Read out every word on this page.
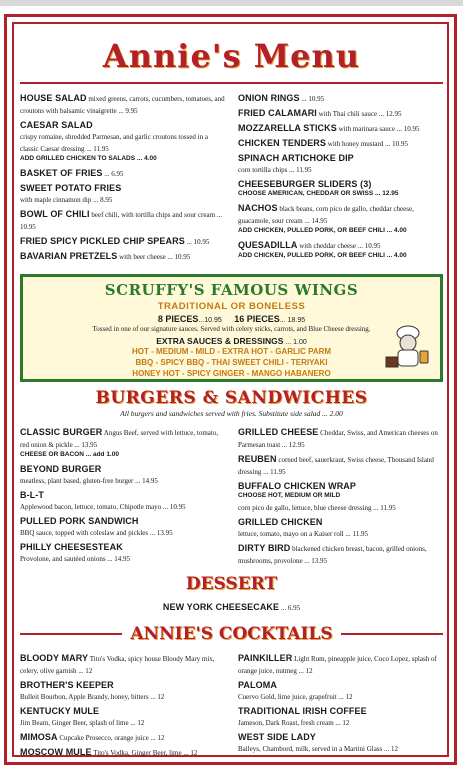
Annie's Menu
HOUSE SALAD mixed greens, carrots, cucumbers, tomatoes, and croutons with balsamic vinaigrette ... 9.95
CAESAR SALAD
crispy romaine, shredded Parmesan, and garlic croutons tossed in a classic Caesar dressing ... 11.95
ADD GRILLED CHICKEN TO SALADS ... 4.00
BASKET OF FRIES ... 6.95
SWEET POTATO FRIES
with maple cinnamon dip ... 8.95
BOWL OF CHILI beef chili, with tortilla chips and sour cream ... 10.95
FRIED SPICY PICKLED CHIP SPEARS ... 10.95
BAVARIAN PRETZELS with beer cheese ... 10.95
ONION RINGS ... 10.95
FRIED CALAMARI with Thai chili sauce ... 12.95
MOZZARELLA STICKS with marinara sauce ... 10.95
CHICKEN TENDERS with honey mustard ... 10.95
SPINACH ARTICHOKE DIP
corn tortilla chips ... 11.95
CHEESEBURGER SLIDERS (3)
CHOOSE AMERICAN, CHEDDAR OR SWISS ... 12.95
NACHOS black beans, corn pico de gallo, cheddar cheese, guacamole, sour cream ... 14.95
ADD CHICKEN, PULLED PORK, OR BEEF CHILI ... 4.00
QUESADILLA with cheddar cheese ... 10.95
ADD CHICKEN, PULLED PORK, OR BEEF CHILI ... 4.00
SCRUFFY'S FAMOUS WINGS
TRADITIONAL OR BONELESS
8 PIECES...10.95 16 PIECES... 18.95
Tossed in one of our signature sauces. Served with celery sticks, carrots, and Blue Cheese dressing.
EXTRA SAUCES & DRESSINGS ... 1.00
HOT - MEDIUM - MILD - EXTRA HOT - GARLIC PARM
BBQ - SPICY BBQ - THAI SWEET CHILI - TERIYAKI
HONEY HOT - SPICY GINGER - MANGO HABANERO
BURGERS & SANDWICHES
All burgers and sandwiches served with fries. Substitute side salad ... 2.00
CLASSIC BURGER Angus Beef, served with lettuce, tomato, red onion & pickle ... 13.95
CHEESE OR BACON ... add 1.00
BEYOND BURGER
meatless, plant based, gluten-free burger ... 14.95
B-L-T
Applewood bacon, lettuce, tomato, Chipotle mayo ... 10.95
PULLED PORK SANDWICH
BBQ sauce, topped with coleslaw and pickles ... 13.95
PHILLY CHEESESTEAK
Provolone, and sautéed onions ... 14.95
GRILLED CHEESE Cheddar, Swiss, and American cheeses on Parmesan toast ... 12.95
REUBEN corned beef, sauerkraut, Swiss cheese, Thousand Island dressing ... 11.95
BUFFALO CHICKEN WRAP
CHOOSE HOT, MEDIUM OR MILD
corn pico de gallo, lettuce, blue cheese dressing ... 11.95
GRILLED CHICKEN
lettuce, tomato, mayo on a Kaiser roll ... 11.95
DIRTY BIRD blackened chicken breast, bacon, grilled onions, mushrooms, provolone ... 13.95
DESSERT
NEW YORK CHEESECAKE ... 6.95
ANNIE'S COCKTAILS
BLOODY MARY Tito's Vodka, spicy house Bloody Mary mix, celery, olive garnish ... 12
BROTHER'S KEEPER
Bulleit Bourbon, Apple Brandy, honey, bitters ... 12
KENTUCKY MULE
Jim Beam, Ginger Beer, splash of lime ... 12
MIMOSA Cupcake Prosecco, orange juice ... 12
MOSCOW MULE Tito's Vodka, Ginger Beer, lime ... 12
PAINKILLER Light Rum, pineapple juice, Coco Lopez, splash of orange juice, nutmeg ... 12
PALOMA
Cuervo Gold, lime juice, grapefruit ... 12
TRADITIONAL IRISH COFFEE
Jameson, Dark Roast, fresh cream ... 12
WEST SIDE LADY
Baileys, Chambord, milk, served in a Martini Glass ... 12
